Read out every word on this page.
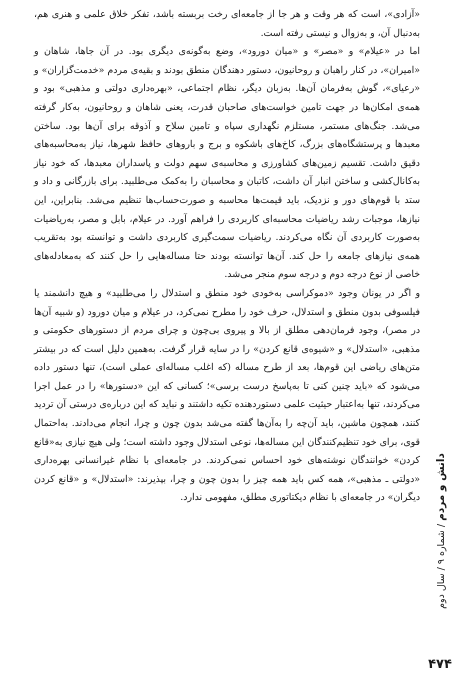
«آزادی»، است که هر وقت و هر جا از جامعه‌ای رخت بربسته باشد، تفکر خلاق علمی و هنری هم، به‌دنبال آن، و به‌زوال و نیستی رفته است.

اما در «عیلام» و «مصر» و «میان دورود»، وضع به‌گونه‌ی دیگری بود. در آن جاها، شاهان و «امیران»، در کنار راهبان و روحانیون، دستور دهندگان منطق بودند و بقیه‌ی مردم «خدمت‌گزاران» و «رعیای»، گوش به‌فرمان آن‌ها. به‌زبان دیگر، نظام اجتماعی، «بهره‌داری دولتی و مذهبی» بود و همه‌ی امکان‌ها در جهت تامین خواست‌های صاحبان قدرت، یعنی شاهان و روحانیون، به‌کار گرفته می‌شد. جنگ‌های مستمر، مستلزم نگهداری سپاه و تامین سلاح و آذوقه برای آن‌ها بود. ساختن معبدها و پرستشگاه‌های بزرگ، کاخ‌های باشکوه و برج و باروهای حافظ شهرها، نیاز به‌محاسبه‌های دقیق داشت. تقسیم زمین‌های کشاورزی و محاسبه‌ی سهم دولت و پاسداران معبدها، که خود نیاز به‌کانال‌کشی و ساختن انبار آن داشت، کاتبان و محاسبان را به‌کمک می‌طلبید. برای بازرگانی و داد و ستد با قوم‌های دور و نزدیک، باید قیمت‌ها محاسبه و صورت‌حساب‌ها تنظیم می‌شد. بنابراین، این نیازها، موجبات رشد ریاضیات محاسبه‌ای کاربردی را فراهم آورد. در عیلام، بابل و مصر، به‌ریاضیات به‌صورت کاربردی آن نگاه می‌کردند. ریاضیات سمت‌گیری کاربردی داشت و توانسته بود به‌تقریب همه‌ی نیازهای جامعه را حل کند. آن‌ها توانسته بودند حتا مساله‌هایی را حل کنند که به‌معادله‌های خاصی از نوع درجه دوم و درجه سوم منجر می‌شد.

و اگر در یونان وجود «دموکراسی به‌خودی خود منطق و استدلال را می‌طلبید» و هیچ دانشمند یا فیلسوفی بدون منطق و استدلال، حرف خود را مطرح نمی‌کرد، در عیلام و میان دورود (و شبیه آن‌ها در مصر)، وجود فرمان‌دهی مطلق از بالا و پیروی بی‌چون و چرای مردم از دستورهای حکومتی و مذهبی، «استدلال» و «شیوه‌ی قانع کردن» را در سایه قرار گرفت. به‌همین دلیل است که در بیشتر متن‌های ریاضی این قوم‌ها، بعد از طرح مساله (که اغلب مساله‌ای عملی است)، تنها دستور داده می‌شود که «باید چنین کنی تا به‌پاسخ درست برسی»؛ کسانی که این «دستورها» را در عمل اجرا می‌کردند، تنها به‌اعتبار حیثیت علمی دستوردهنده تکیه داشتند و نباید که این درباره‌ی درستی آن تردید کنند، همچون ماشین، باید آن‌چه را به‌آن‌ها گفته می‌شد بدون چون و چرا، انجام می‌دادند. به‌احتمال قوی، برای خود تنظیم‌کنندگان این مساله‌ها، نوعی استدلال وجود داشته است؛ ولی هیچ نیازی به‌«قانع کردن» خوانندگان نوشته‌های خود احساس نمی‌کردند. در جامعه‌ای با نظام غیرانسانی بهره‌داری «دولتی ـ مذهبی»، همه کس باید همه چیز را بدون چون و چرا، بپذیرند: «استدلال» و «قانع کردن دیگران» در جامعه‌ای با نظام دیکتاتوری مطلق، مفهومی ندارد. دانش و مردم / شماره ۹ / سال دوم
۴۷۴
